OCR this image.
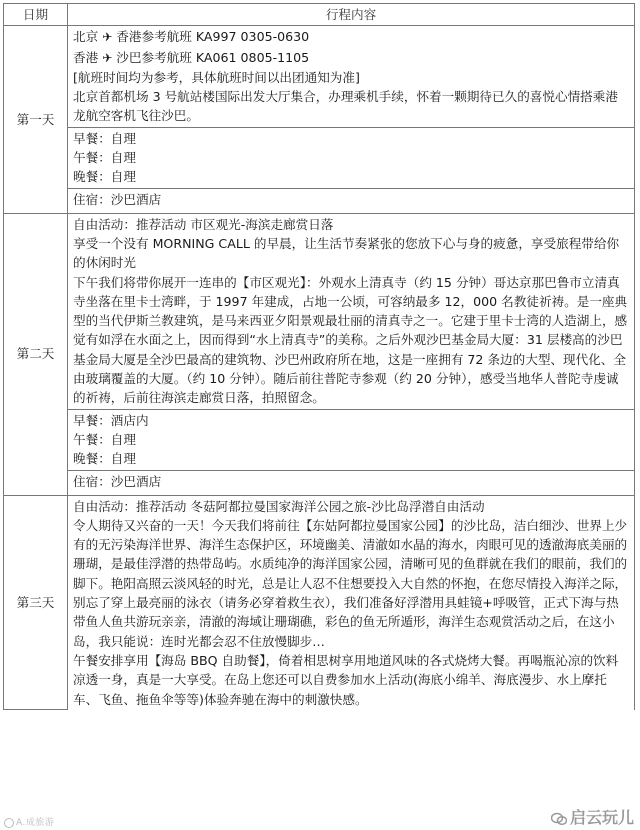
日期	行程内容
第一天	北京 ✈ 香港参考航班 KA997 0305-0630
香港 ✈ 沙巴参考航班 KA061 0805-1105
[航班时间均为参考，具体航班时间以出团通知为准]
北京首都机场 3 号航站楼国际出发大厅集合，办理乘机手续，怀着一颗期待已久的喜悦心情搭乘港龙航空客机飞往沙巴。

	早餐：自理
午餐：自理
晚餐：自理

	住宿：沙巴酒店
第二天	自由活动：推荐活动 市区观光-海滨走廊赏日落
享受一个没有 MORNING CALL 的早晨，让生活节奏紧张的您放下心与身的疲惫，享受旅程带给你的休闲时光
下午我们将带你展开一连串的【市区观光】：外观水上清真寺（约 15 分钟）哥达京那巴鲁市立清真寺坐落在里卡士湾畔，于 1997 年建成，占地一公顷，可容纳最多 12，000 名教徒祈祷。是一座典型的当代伊斯兰教建筑，是马来西亚夕阳景观最壮丽的清真寺之一。它建于里卡士湾的人造湖上，感觉有如浮在水面之上，因而得到“水上清真寺”的美称。之后外观沙巴基金局大厦：31 层楼高的沙巴基金局大厦是全沙巴最高的建筑物、沙巴州政府所在地，这是一座拥有 72 条边的大型、现代化、全由玻璃覆盖的大厦。（约 10 分钟）。随后前往普陀寺参观（约 20 分钟），感受当地华人普陀寺虔诚的祈祷，后前往海滨走廊赏日落，拍照留念。

	早餐：酒店内
午餐：自理
晚餐：自理

	住宿：沙巴酒店
第三天	自由活动：推荐活动 冬菇阿都拉曼国家海洋公园之旅-沙比岛浮潜自由活动
令人期待又兴奋的一天！今天我们将前往【东姑阿都拉曼国家公园】的沙比岛，洁白细沙、世界上少有的无污染海洋世界、海洋生态保护区，环境幽美、清澈如水晶的海水，肉眼可见的透澈海底美丽的珊瑚，是最佳浮潜的热带岛屿。水质纯净的海洋国家公园，清晰可见的鱼群就在我们的眼前，我们的脚下。艳阳高照云淡风轻的时光，总是让人忍不住想要投入大自然的怀抱，在您尽情投入海洋之际，别忘了穿上最亮丽的泳衣（请务必穿着救生衣），我们准备好浮潜用具蛙镜+呼吸管，正式下海与热带鱼人鱼共游玩亲亲，清澈的海域让珊瑚礁，彩色的鱼无所遁形，海洋生态观赏活动之后，在这小岛，我只能说：连时光都会忍不住放慢脚步…
午餐安排享用【海岛 BBQ 自助餐】，倚着相思树享用地道风味的各式烧烤大餐。再喝瓶沁凉的饮料凉透一身，真是一大享受。在岛上您还可以自费参加水上活动(海底小绵羊、海底漫步、水上摩托车、飞鱼、拖鱼伞等等)体验奔驰在海中的刺激快感。
A.成旅游	启云玩儿
